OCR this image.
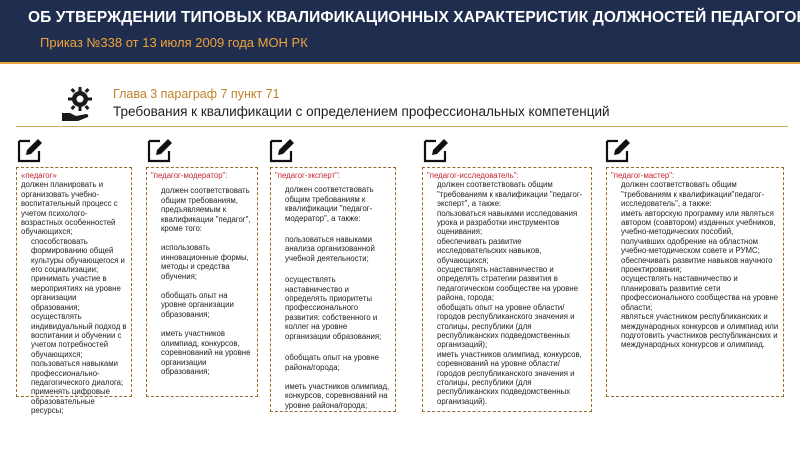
ОБ УТВЕРЖДЕНИИ ТИПОВЫХ КВАЛИФИКАЦИОННЫХ ХАРАКТЕРИСТИК ДОЛЖНОСТЕЙ ПЕДАГОГОВ
Приказ №338 от 13 июля 2009 года МОН РК
Глава 3 параграф 7 пункт 71
Требования к квалификации с определением профессиональных компетенций

«педагог»

должен планировать и организовать учебно-воспитательный процесс с учетом психолого-возрастных особенностей обучающихся;

способствовать формированию общей культуры обучающегося и его социализации;

принимать участие в мероприятиях на уровне организации образования;

осуществлять индивидуальный подход в воспитании и обучении с учетом потребностей обучающихся;

пользоваться навыками профессионально-педагогического диалога;

применять цифровые образовательные ресурсы;

"педагог-модератор":

должен соответствовать общим требованиям, предъявляемым к квалификации "педагог", кроме того:

использовать инновационные формы, методы и средства обучения;

обобщать опыт на уровне организации образования;

иметь участников олимпиад, конкурсов, соревнований на уровне организации образования;

"педагог-эксперт":

должен соответствовать общим требованиям к квалификации "педагог-модератор", а также:

пользоваться навыками анализа организованной учебной деятельности;

осуществлять наставничество и определять приоритеты профессионального развития: собственного и коллег на уровне организации образования;

обобщать опыт на уровне района/города;

иметь участников олимпиад, конкурсов, соревнований на уровне района/города;

"педагог-исследователь":

должен соответствовать общим "требованиям к квалификации "педагог-эксперт", а также:

пользоваться навыками исследования урока и разработки инструментов оценивания;

обеспечивать развитие исследовательских навыков, обучающихся;

осуществлять наставничество и определять стратегии развития в педагогическом сообществе на уровне района, города;

обобщать опыт на уровне области/городов республиканского значения и столицы, республики (для республиканских подведомственных организаций);

иметь участников олимпиад, конкурсов, соревнований на уровне области/городов республиканского значения и столицы, республики (для республиканских подведомственных организаций).

"педагог-мастер":

должен соответствовать общим "требованиям к квалификации"педагог-исследователь", а также:

иметь авторскую программу или являться автором (соавтором) изданных учебников, учебно-методических пособий, получивших одобрение на областном учебно-методическом совете и РУМС;

обеспечивать развитие навыков научного проектирования;

осуществлять наставничество и планировать развитие сети профессионального сообщества на уровне области;

являться участником республиканских и международных конкурсов и олимпиад или подготовить участников республиканских и международных конкурсов и олимпиад.
